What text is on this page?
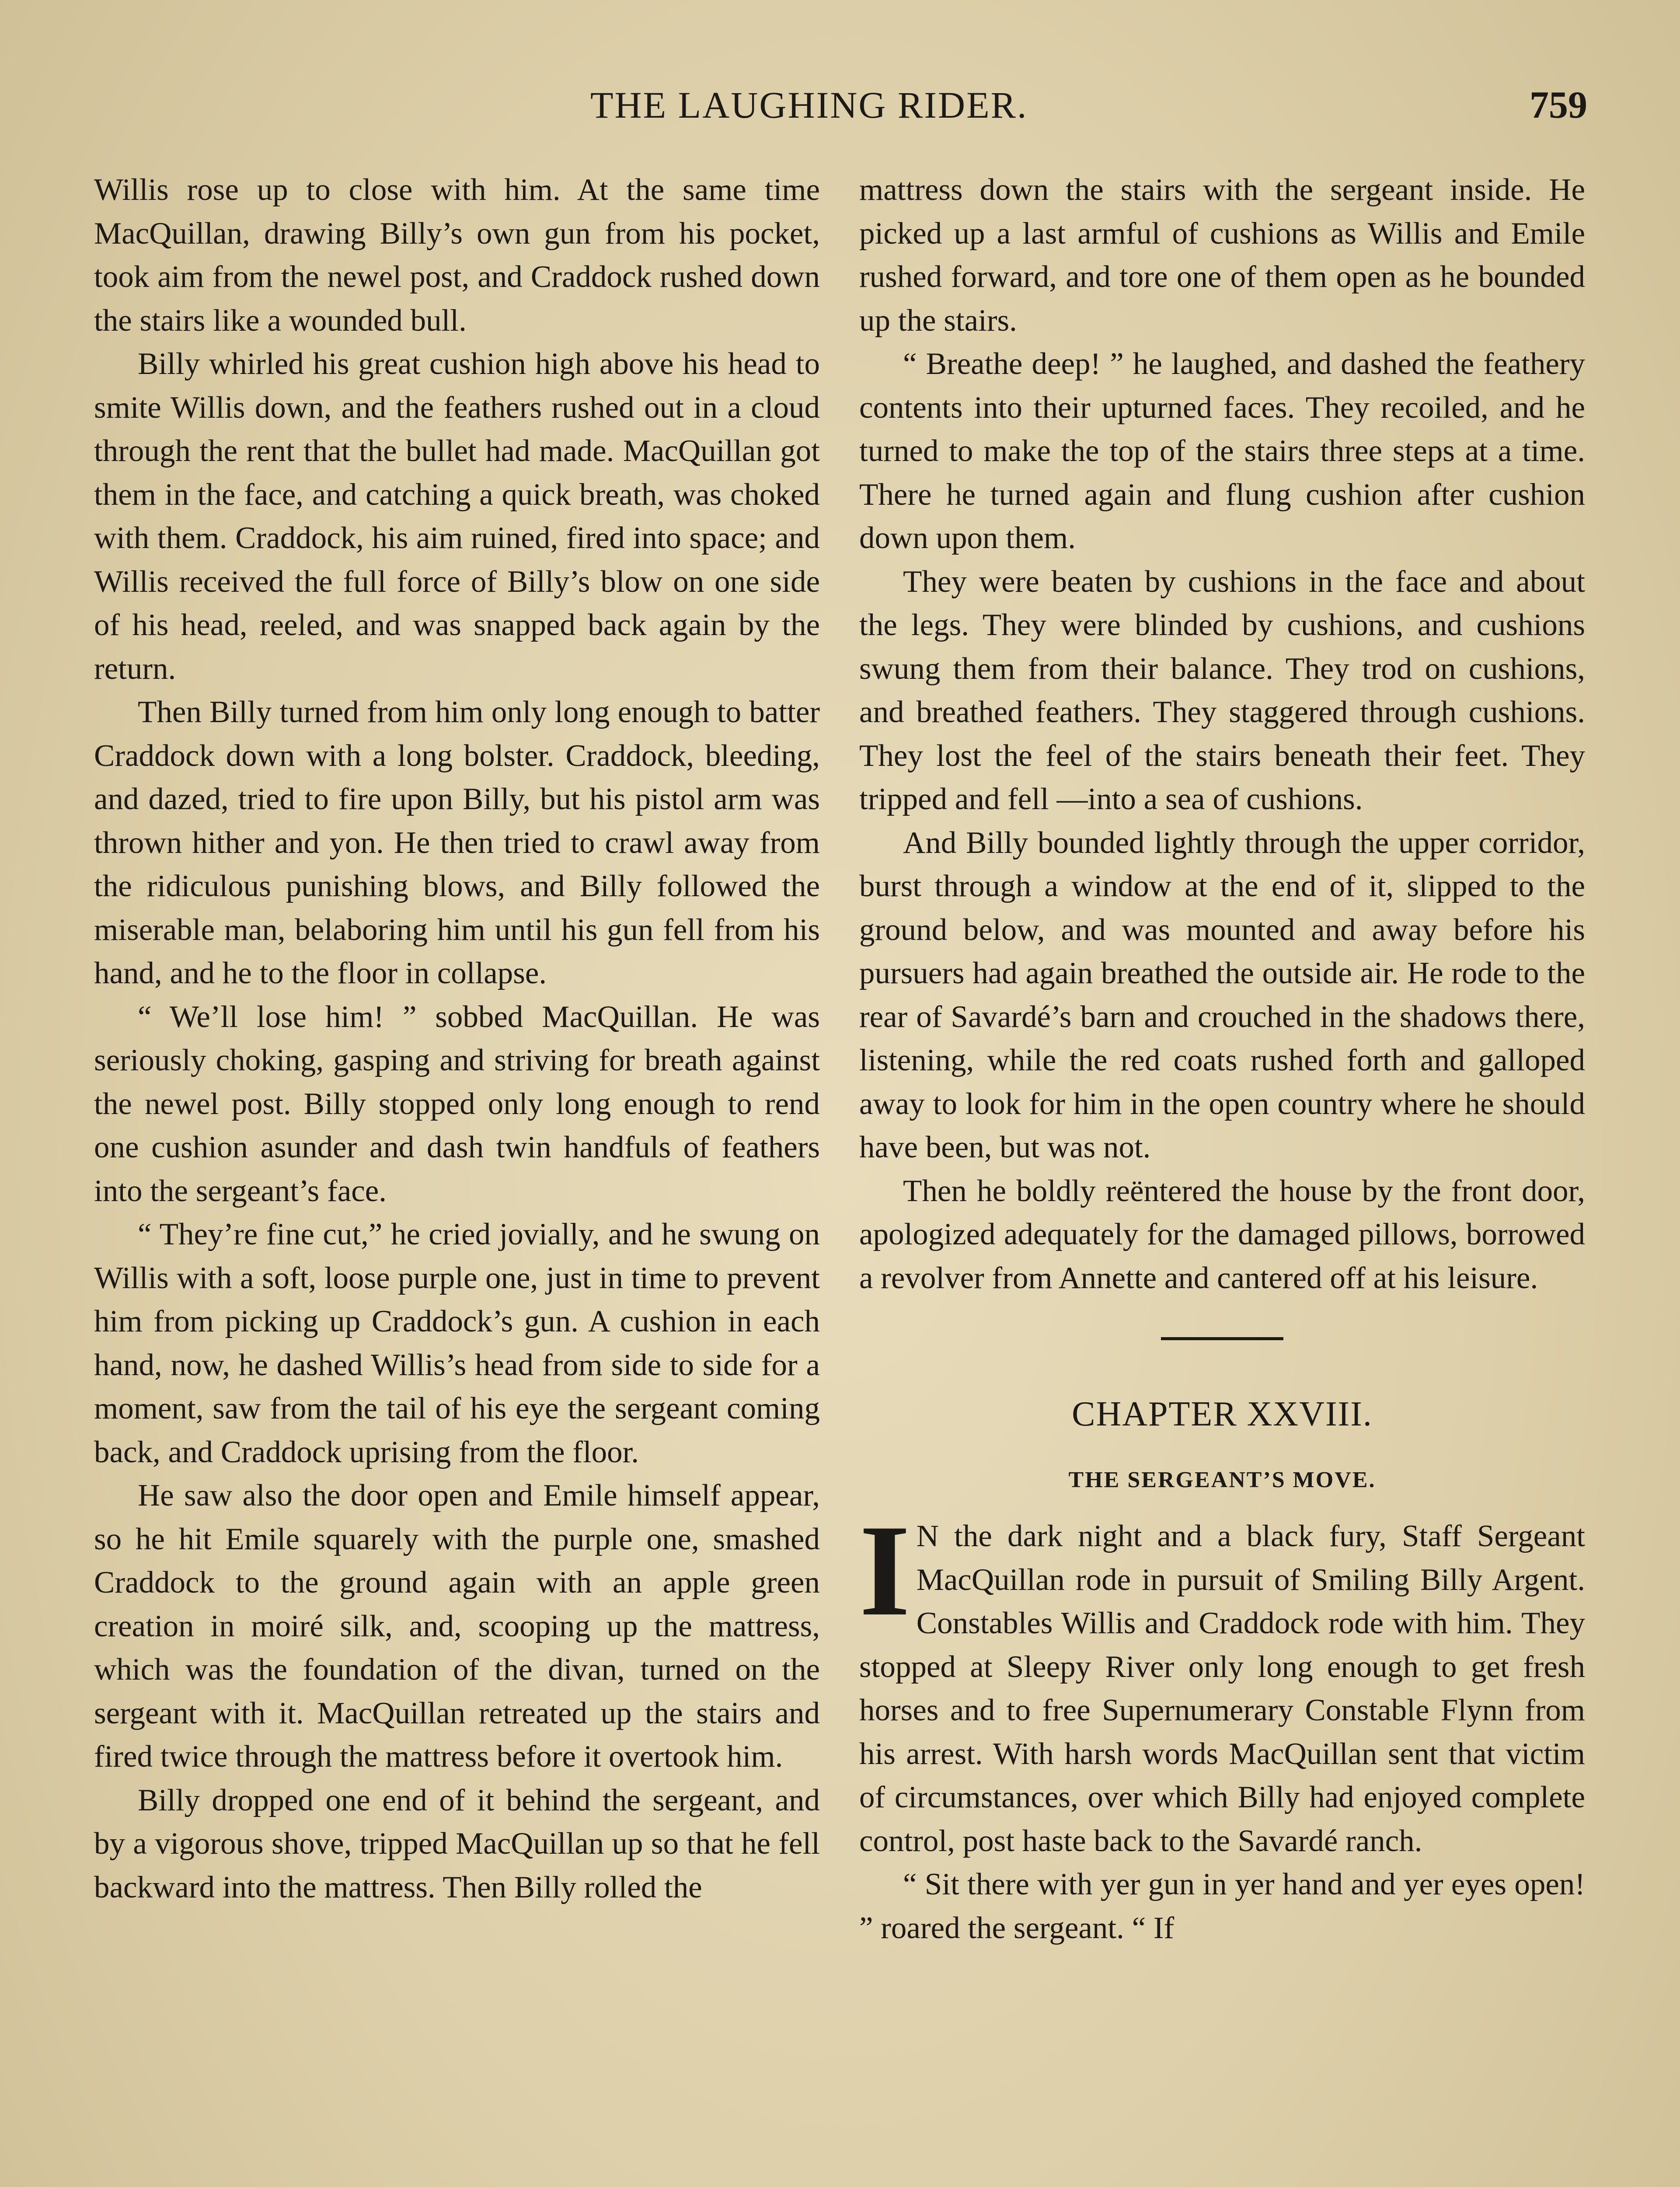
THE LAUGHING RIDER.	759

Willis rose up to close with him. At the same time MacQuillan, drawing Billy’s own gun from his pocket, took aim from the newel post, and Craddock rushed down the stairs like a wounded bull.

Billy whirled his great cushion high above his head to smite Willis down, and the feathers rushed out in a cloud through the rent that the bullet had made. MacQuillan got them in the face, and catching a quick breath, was choked with them. Craddock, his aim ruined, fired into space; and Willis received the full force of Billy’s blow on one side of his head, reeled, and was snapped back again by the return.

Then Billy turned from him only long enough to batter Craddock down with a long bolster. Craddock, bleeding, and dazed, tried to fire upon Billy, but his pistol arm was thrown hither and yon. He then tried to crawl away from the ridiculous punishing blows, and Billy followed the miserable man, belaboring him until his gun fell from his hand, and he to the floor in collapse.

“ We’ll lose him! ” sobbed MacQuillan. He was seriously choking, gasping and striving for breath against the newel post. Billy stopped only long enough to rend one cushion asunder and dash twin handfuls of feathers into the sergeant’s face.

“ They’re fine cut,” he cried jovially, and he swung on Willis with a soft, loose purple one, just in time to prevent him from picking up Craddock’s gun. A cushion in each hand, now, he dashed Willis’s head from side to side for a moment, saw from the tail of his eye the sergeant coming back, and Craddock uprising from the floor.

He saw also the door open and Emile himself appear, so he hit Emile squarely with the purple one, smashed Craddock to the ground again with an apple green creation in moiré silk, and, scooping up the mattress, which was the foundation of the divan, turned on the sergeant with it. MacQuillan retreated up the stairs and fired twice through the mattress before it overtook him.

Billy dropped one end of it behind the sergeant, and by a vigorous shove, tripped MacQuillan up so that he fell backward into the mattress. Then Billy rolled the

mattress down the stairs with the sergeant inside. He picked up a last armful of cushions as Willis and Emile rushed forward, and tore one of them open as he bounded up the stairs.

“ Breathe deep! ” he laughed, and dashed the feathery contents into their upturned faces. They recoiled, and he turned to make the top of the stairs three steps at a time. There he turned again and flung cushion after cushion down upon them.

They were beaten by cushions in the face and about the legs. They were blinded by cushions, and cushions swung them from their balance. They trod on cushions, and breathed feathers. They staggered through cushions. They lost the feel of the stairs beneath their feet. They tripped and fell —into a sea of cushions.

And Billy bounded lightly through the upper corridor, burst through a window at the end of it, slipped to the ground below, and was mounted and away before his pursuers had again breathed the outside air. He rode to the rear of Savardé’s barn and crouched in the shadows there, listening, while the red coats rushed forth and galloped away to look for him in the open country where he should have been, but was not.

Then he boldly reëntered the house by the front door, apologized adequately for the damaged pillows, borrowed a revolver from Annette and cantered off at his leisure.

CHAPTER XXVIII.
THE SERGEANT’S MOVE.

I N the dark night and a black fury, Staff Sergeant MacQuillan rode in pursuit of Smiling Billy Argent. Constables Willis and Craddock rode with him. They stopped at Sleepy River only long enough to get fresh horses and to free Supernumerary Constable Flynn from his arrest. With harsh words MacQuillan sent that victim of circumstances, over which Billy had enjoyed complete control, post haste back to the Savardé ranch.

“ Sit there with yer gun in yer hand and yer eyes open! ” roared the sergeant. “ If
